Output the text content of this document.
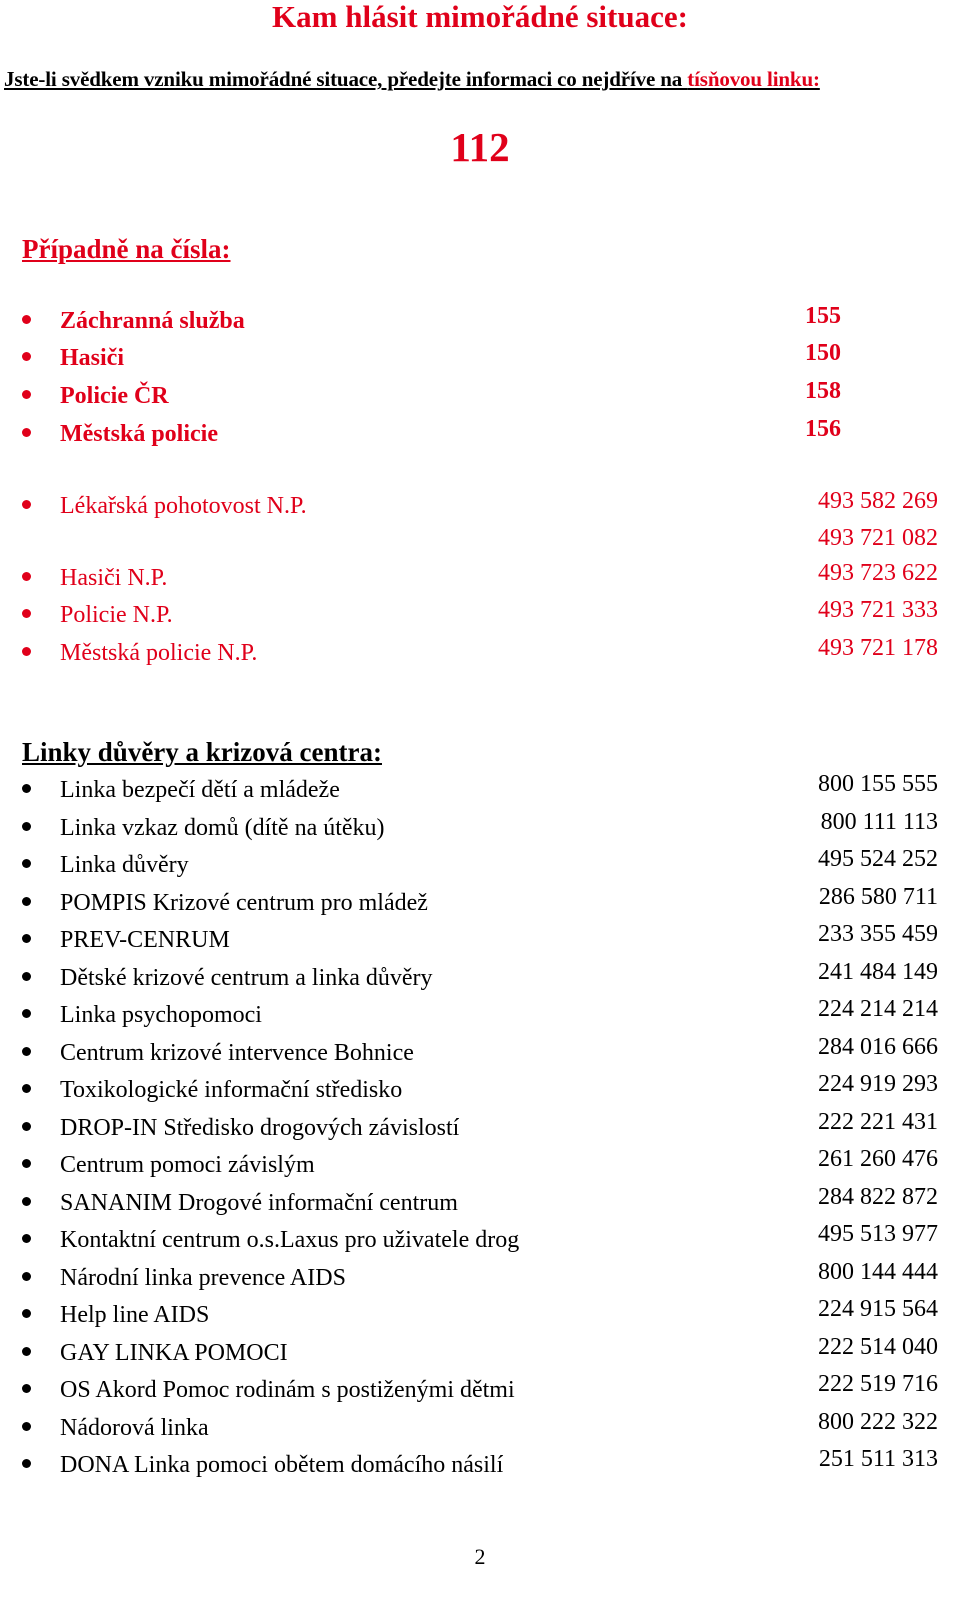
Kam hlásit mimořádné situace:
Jste-li svědkem vzniku mimořádné situace, předejte informaci co nejdříve na tísňovou linku:
112
Případně na čísla:
Záchranná služba	155
Hasiči	150
Policie ČR	158
Městská policie	156
Lékařská pohotovost N.P.	493 582 269
493 721 082
Hasiči N.P.	493 723 622
Policie N.P.	493 721 333
Městská policie N.P.	493 721 178
Linky důvěry a krizová centra:
Linka bezpečí dětí a mládeže	800 155 555
Linka vzkaz domů (dítě na útěku)	800 111 113
Linka důvěry	495 524 252
POMPIS Krizové centrum pro mládež	286 580 711
PREV-CENRUM	233 355 459
Dětské krizové centrum a linka důvěry	241 484 149
Linka psychopomoci	224 214 214
Centrum krizové intervence Bohnice	284 016 666
Toxikologické informační středisko	224 919 293
DROP-IN Středisko drogových závislostí	222 221 431
Centrum pomoci závislým	261 260 476
SANANIM Drogové informační centrum	284 822 872
Kontaktní centrum o.s.Laxus pro uživatele drog	495 513 977
Národní linka prevence AIDS	800 144 444
Help line AIDS	224 915 564
GAY LINKA POMOCI	222 514 040
OS Akord Pomoc rodinám s postiženými dětmi	222 519 716
Nádorová linka	800 222 322
DONA Linka pomoci obětem domácího násilí	251 511 313
2
